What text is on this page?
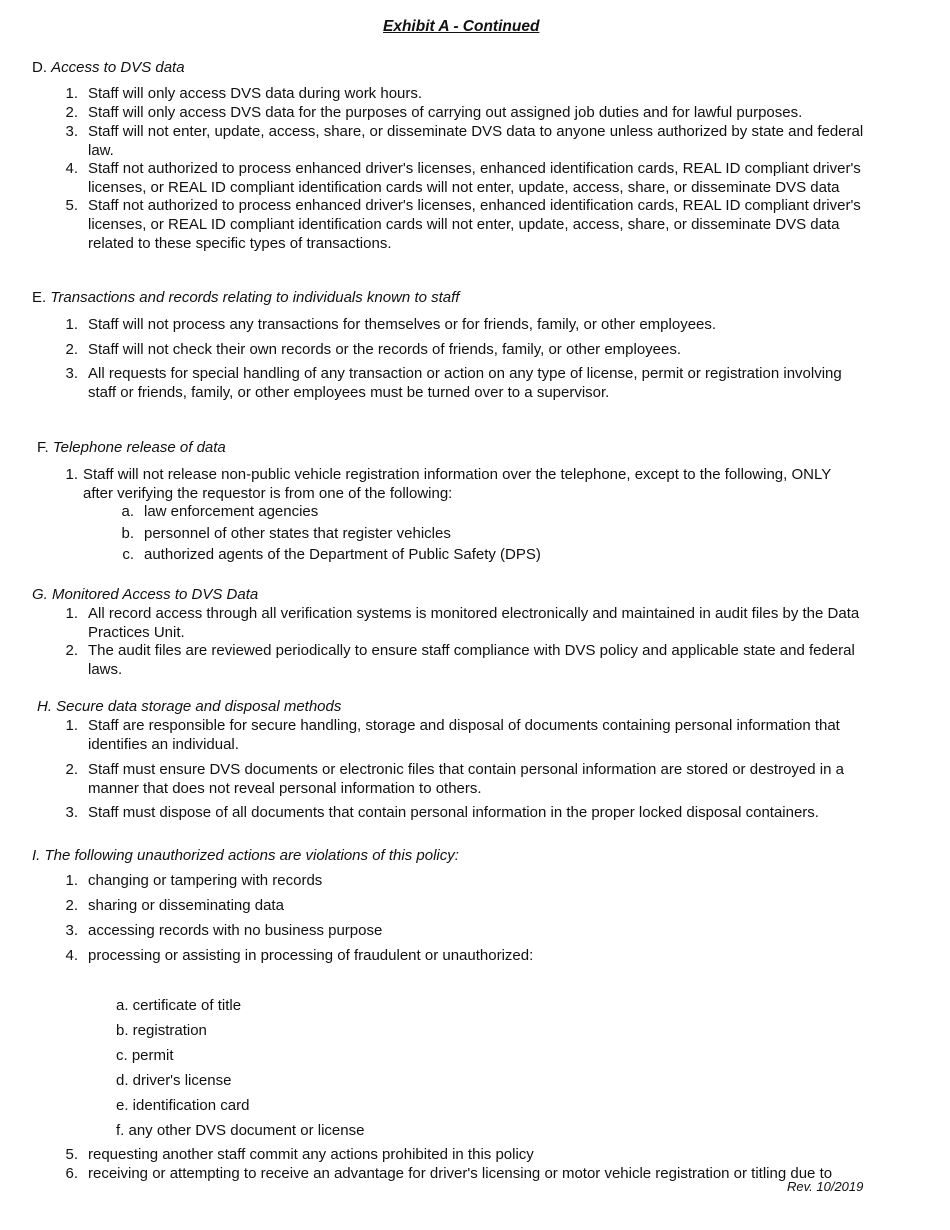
Exhibit A - Continued
D. Access to DVS data
1. Staff will only access DVS data during work hours.
2. Staff will only access DVS data for the purposes of carrying out assigned job duties and for lawful purposes.
3. Staff will not enter, update, access, share, or disseminate DVS data to anyone unless authorized by state and federal
law.
4. Staff not authorized to process enhanced driver's licenses, enhanced identification cards, REAL ID compliant driver's
licenses, or REAL ID compliant identification cards will not enter, update, access, share, or disseminate DVS data
5. Staff not authorized to process enhanced driver's licenses, enhanced identification cards, REAL ID compliant driver's
licenses, or REAL ID compliant identification cards will not enter, update, access, share, or disseminate DVS data
related to these specific types of transactions.
E. Transactions and records relating to individuals known to staff
1. Staff will not process any transactions for themselves or for friends, family, or other employees.
2. Staff will not check their own records or the records of friends, family, or other employees.
3. All requests for special handling of any transaction or action on any type of license, permit or registration involving
staff or friends, family, or other employees must be turned over to a supervisor.
F. Telephone release of data
1. Staff will not release non-public vehicle registration information over the telephone, except to the following, ONLY
after verifying the requestor is from one of the following:
a. law enforcement agencies
b. personnel of other states that register vehicles
c. authorized agents of the Department of Public Safety (DPS)
G. Monitored Access to DVS Data
1. All record access through all verification systems is monitored electronically and maintained in audit files by the Data
Practices Unit.
2. The audit files are reviewed periodically to ensure staff compliance with DVS policy and applicable state and federal
laws.
H. Secure data storage and disposal methods
1. Staff are responsible for secure handling, storage and disposal of documents containing personal information that
identifies an individual.
2. Staff must ensure DVS documents or electronic files that contain personal information are stored or destroyed in a
manner that does not reveal personal information to others.
3. Staff must dispose of all documents that contain personal information in the proper locked disposal containers.
I. The following unauthorized actions are violations of this policy:
1. changing or tampering with records
2. sharing or disseminating data
3. accessing records with no business purpose
4. processing or assisting in processing of fraudulent or unauthorized:
a. certificate of title
b. registration
c. permit
d. driver's license
e. identification card
f. any other DVS document or license
5. requesting another staff commit any actions prohibited in this policy
6. receiving or attempting to receive an advantage for driver's licensing or motor vehicle registration or titling due to
Rev. 10/2019
